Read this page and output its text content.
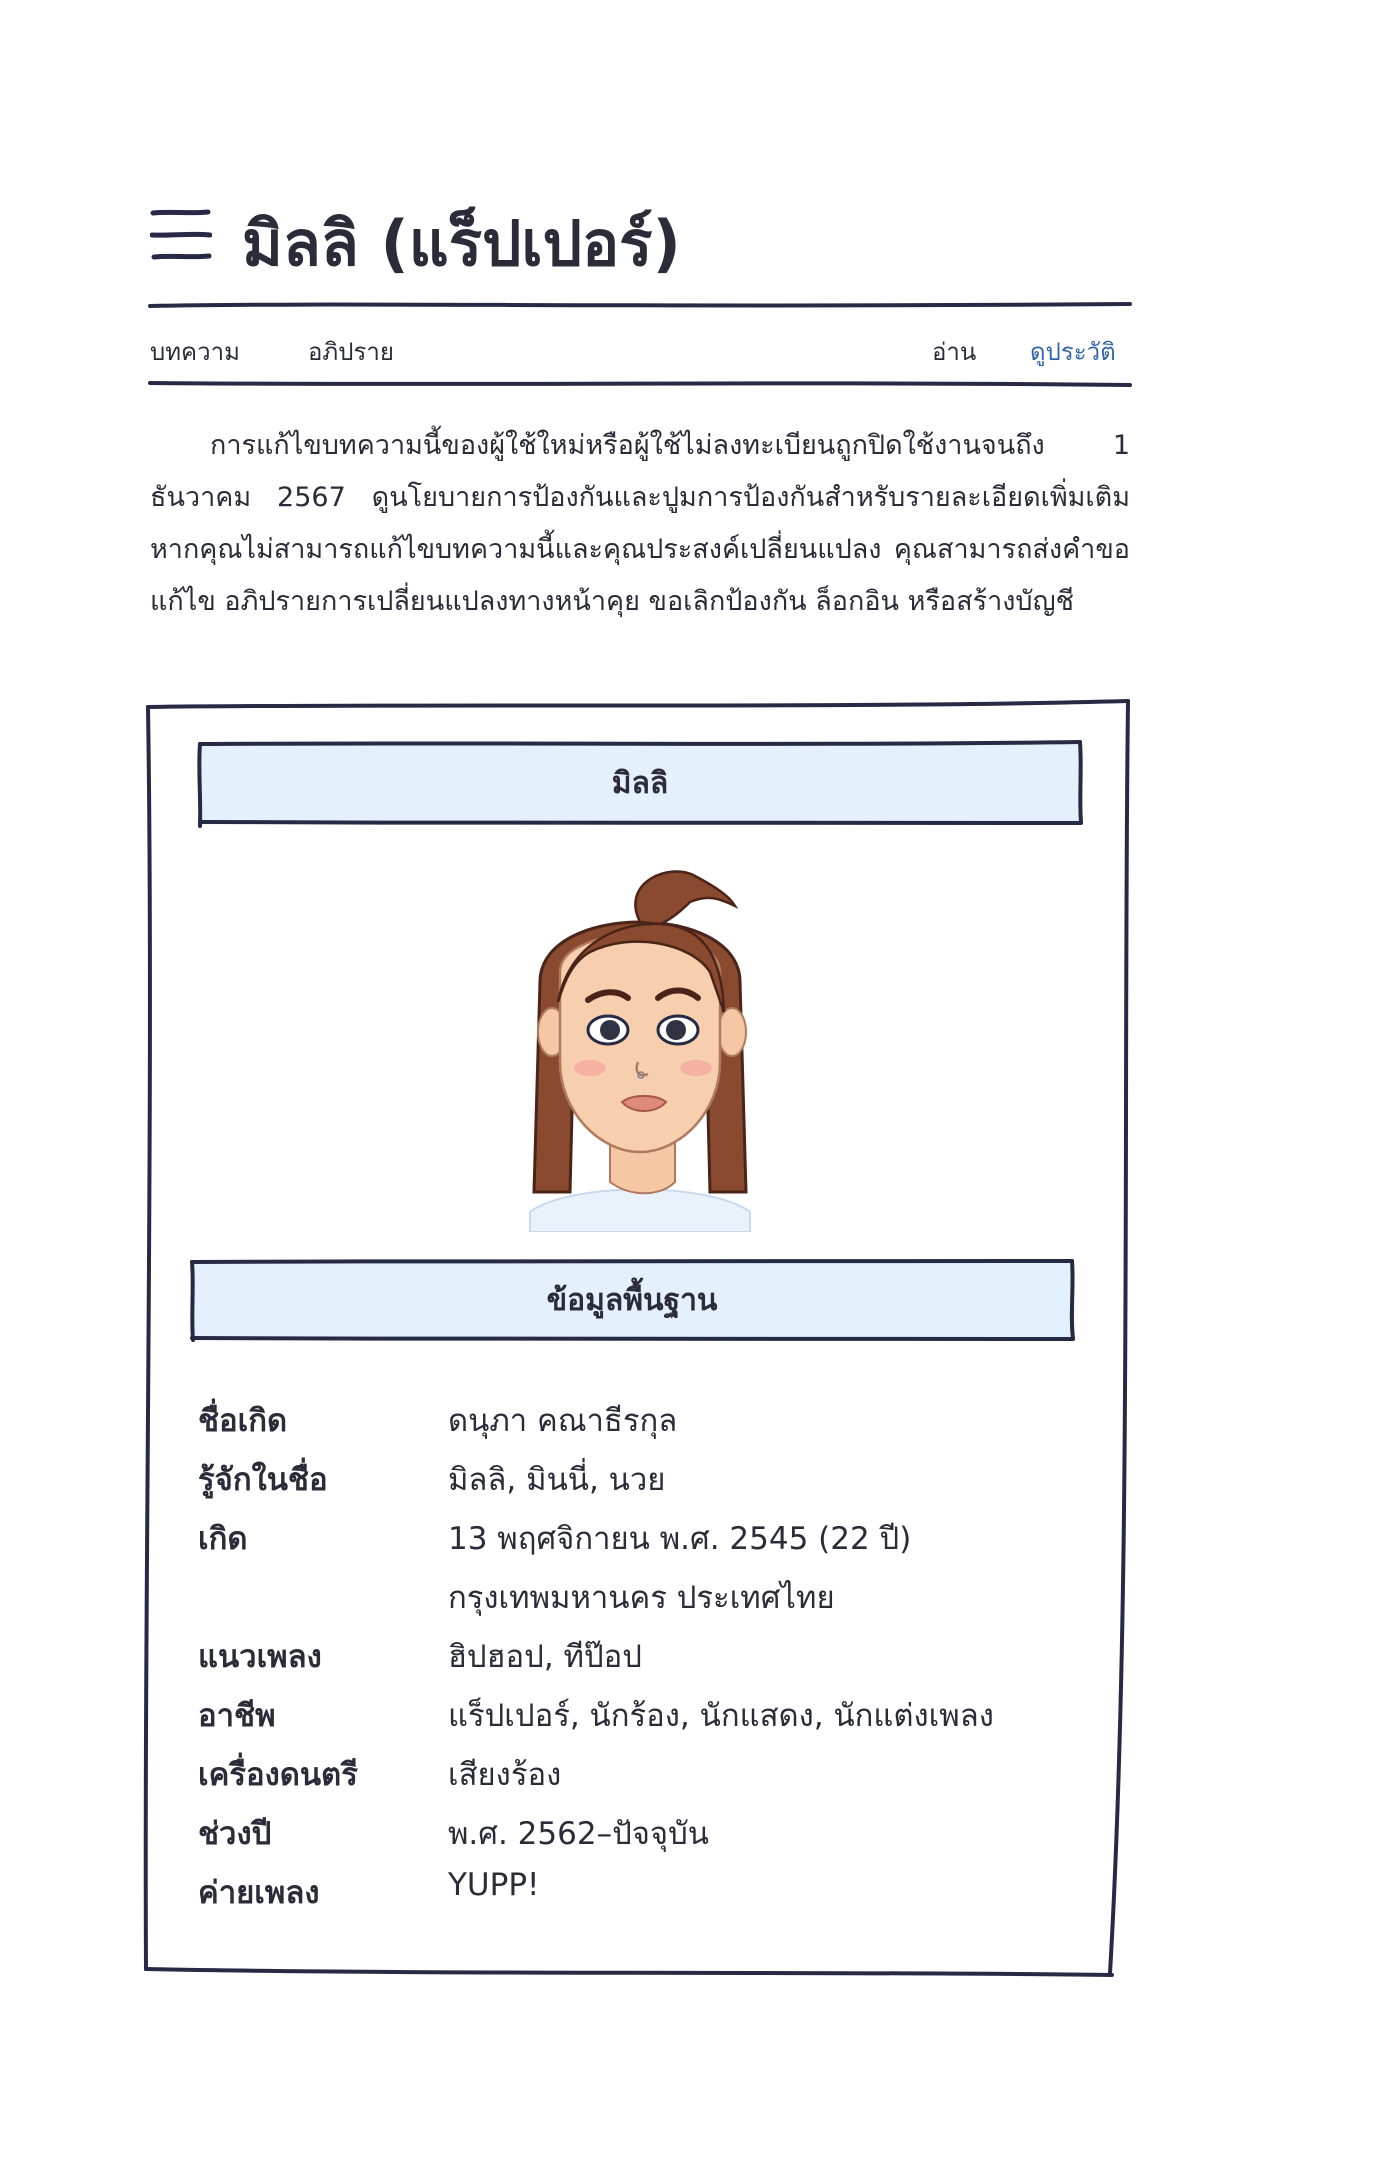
มิลลิ (แร็ปเปอร์)
บทความ	อภิปราย	อ่าน ดูประวัติ
การแก้ไขบทความนี้ของผู้ใช้ใหม่หรือผู้ใช้ไม่ลงทะเบียนถูกปิดใช้งานจนถึง 1 ธันวาคม 2567 ดูนโยบายการป้องกันและปูมการป้องกันสำหรับรายละเอียดเพิ่มเติม หากคุณไม่สามารถแก้ไขบทความนี้และคุณประสงค์เปลี่ยนแปลง คุณสามารถส่งคำขอแก้ไข อภิปรายการเปลี่ยนแปลงทางหน้าคุย ขอเลิกป้องกัน ล็อกอิน หรือสร้างบัญชี
มิลลิ
ข้อมูลพื้นฐาน
ชื่อเกิด	ดนุภา คณาธีรกุล
รู้จักในชื่อ	มิลลิ, มินนี่, นวย
เกิด	13 พฤศจิกายน พ.ศ. 2545 (22 ปี)
กรุงเทพมหานคร ประเทศไทย
แนวเพลง	ฮิปฮอป, ทีป๊อป
อาชีพ	แร็ปเปอร์, นักร้อง, นักแสดง, นักแต่งเพลง
เครื่องดนตรี	เสียงร้อง
ช่วงปี	พ.ศ. 2562–ปัจจุบัน
ค่ายเพลง	YUPP!
